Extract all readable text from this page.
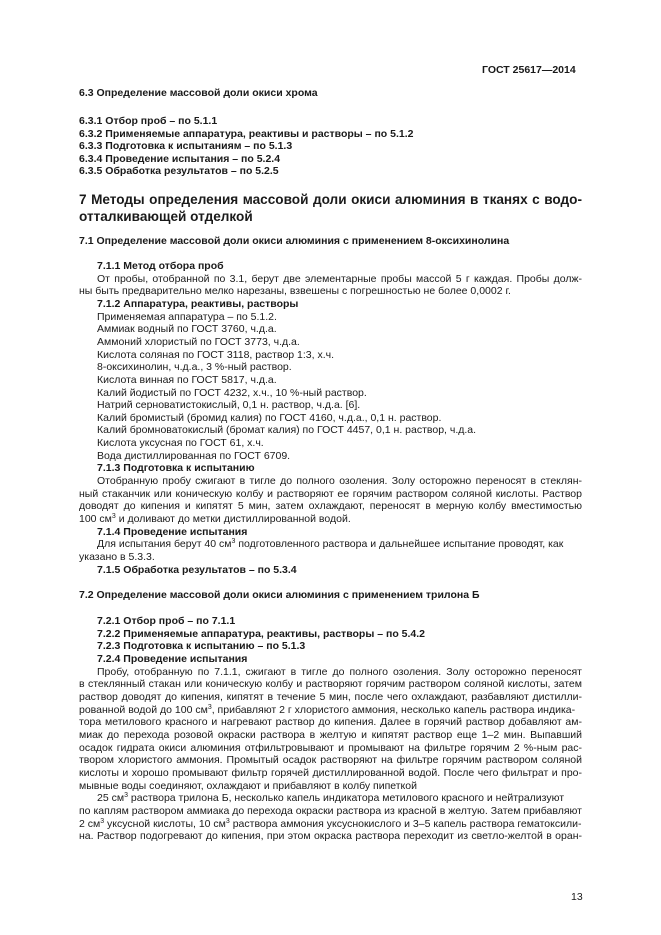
ГОСТ 25617—2014
6.3 Определение массовой доли окиси хрома
6.3.1 Отбор проб – по 5.1.1
6.3.2 Применяемые аппаратура, реактивы и растворы – по 5.1.2
6.3.3 Подготовка к испытаниям – по 5.1.3
6.3.4 Проведение испытания – по 5.2.4
6.3.5 Обработка результатов – по 5.2.5
7 Методы определения массовой доли окиси алюминия в тканях с водо-
отталкивающей отделкой
7.1 Определение массовой доли окиси алюминия с применением 8-оксихинолина
7.1.1 Метод отбора проб
От пробы, отобранной по 3.1, берут две элементарные пробы массой 5 г каждая. Пробы долж-
ны быть предварительно мелко нарезаны, взвешены с погрешностью не более 0,0002 г.
7.1.2 Аппаратура, реактивы, растворы
Применяемая аппаратура – по 5.1.2.
Аммиак водный по ГОСТ 3760, ч.д.а.
Аммоний хлористый по ГОСТ 3773, ч.д.а.
Кислота соляная по ГОСТ 3118, раствор 1:3, х.ч.
8-оксихинолин, ч.д.а., 3 %-ный раствор.
Кислота винная по ГОСТ 5817, ч.д.а.
Калий йодистый по ГОСТ 4232, х.ч., 10 %-ный раствор.
Натрий серноватистокислый, 0,1 н. раствор, ч.д.а. [6].
Калий бромистый (бромид калия) по ГОСТ 4160, ч.д.а., 0,1 н. раствор.
Калий бромноватокислый (бромат калия) по ГОСТ 4457, 0,1 н. раствор, ч.д.а.
Кислота уксусная по ГОСТ 61, х.ч.
Вода дистиллированная по ГОСТ 6709.
7.1.3 Подготовка к испытанию
Отобранную пробу сжигают в тигле до полного озоления. Золу осторожно переносят в стеклян-
ный стаканчик или коническую колбу и растворяют ее горячим раствором соляной кислоты. Раствор
доводят до кипения и кипятят 5 мин, затем охлаждают, переносят в мерную колбу вместимостью
100 $см^3$ и доливают до метки дистиллированной водой.
7.1.4 Проведение испытания
Для испытания берут 40 $см^3$ подготовленного раствора и дальнейшее испытание проводят, как
указано в 5.3.3.
7.1.5 Обработка результатов – по 5.3.4
7.2 Определение массовой доли окиси алюминия с применением трилона Б
7.2.1 Отбор проб – по 7.1.1
7.2.2 Применяемые аппаратура, реактивы, растворы – по 5.4.2
7.2.3 Подготовка к испытанию – по 5.1.3
7.2.4 Проведение испытания
Пробу, отобранную по 7.1.1, сжигают в тигле до полного озоления. Золу осторожно переносят
в стеклянный стакан или коническую колбу и растворяют горячим раствором соляной кислоты, затем
раствор доводят до кипения, кипятят в течение 5 мин, после чего охлаждают, разбавляют дистилли-
рованной водой до 100 $см^3$, прибавляют 2 г хлористого аммония, несколько капель раствора индика-
тора метилового красного и нагревают раствор до кипения. Далее в горячий раствор добавляют ам-
миак до перехода розовой окраски раствора в желтую и кипятят раствор еще 1–2 мин. Выпавший
осадок гидрата окиси алюминия отфильтровывают и промывают на фильтре горячим 2 %-ным рас-
твором хлористого аммония. Промытый осадок растворяют на фильтре горячим раствором соляной
кислоты и хорошо промывают фильтр горячей дистиллированной водой. После чего фильтрат и про-
мывные воды соединяют, охлаждают и прибавляют в колбу пипеткой
25 $см^3$ раствора трилона Б, несколько капель индикатора метилового красного и нейтрализуют
по каплям раствором аммиака до перехода окраски раствора из красной в желтую. Затем прибавляют
2 $см^3$ уксусной кислоты, 10 $см^3$ раствора аммония уксуснокислого и 3–5 капель раствора гематоксили-
на. Раствор подогревают до кипения, при этом окраска раствора переходит из светло-желтой в оран-
13
